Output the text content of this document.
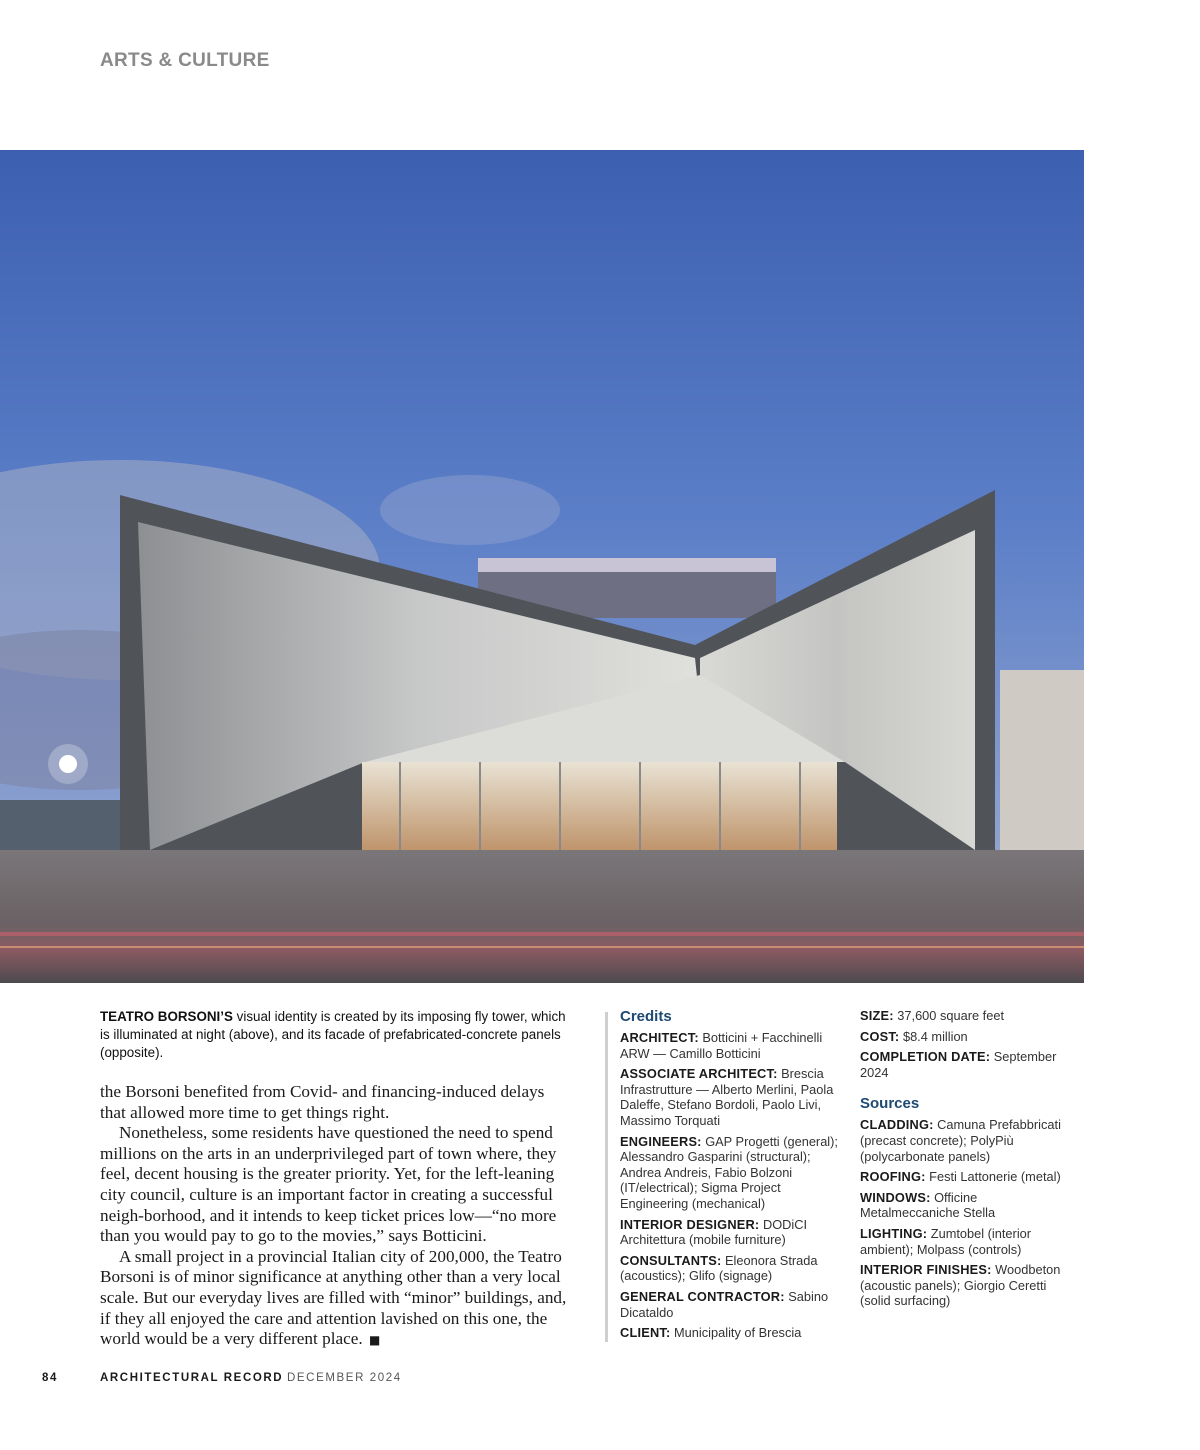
ARTS & CULTURE
TEATRO BORSONI’S visual identity is created by its imposing fly tower, which is illuminated at night (above), and its facade of prefabricated-concrete panels (opposite).

the Borsoni benefited from Covid- and financing-induced delays that allowed more time to get things right.

Nonetheless, some residents have questioned the need to spend millions on the arts in an underprivileged part of town where, they feel, decent housing is the greater priority. Yet, for the left-leaning city council, culture is an important factor in creating a successful neigh-borhood, and it intends to keep ticket prices low—“no more than you would pay to go to the movies,” says Botticini.

A small project in a provincial Italian city of 200,000, the Teatro Borsoni is of minor significance at anything other than a very local scale. But our everyday lives are filled with “minor” buildings, and, if they all enjoyed the care and attention lavished on this one, the world would be a very different place. ■

Credits
ARCHITECT: Botticini + Facchinelli ARW — Camillo Botticini
ASSOCIATE ARCHITECT: Brescia Infrastrutture — Alberto Merlini, Paola Daleffe, Stefano Bordoli, Paolo Livi, Massimo Torquati
ENGINEERS: GAP Progetti (general); Alessandro Gasparini (structural); Andrea Andreis, Fabio Bolzoni (IT/electrical); Sigma Project Engineering (mechanical)
INTERIOR DESIGNER: DODiCI Architettura (mobile furniture)
CONSULTANTS: Eleonora Strada (acoustics); Glifo (signage)
GENERAL CONTRACTOR: Sabino Dicataldo
CLIENT: Municipality of Brescia
SIZE: 37,600 square feet
COST: $8.4 million
COMPLETION DATE: September 2024
Sources
CLADDING: Camuna Prefabbricati (precast concrete); PolyPiù (polycarbonate panels)
ROOFING: Festi Lattonerie (metal)
WINDOWS: Officine Metalmeccaniche Stella
LIGHTING: Zumtobel (interior ambient); Molpass (controls)
INTERIOR FINISHES: Woodbeton (acoustic panels); Giorgio Ceretti (solid surfacing)
84	ARCHITECTURAL RECORD DECEMBER 2024
